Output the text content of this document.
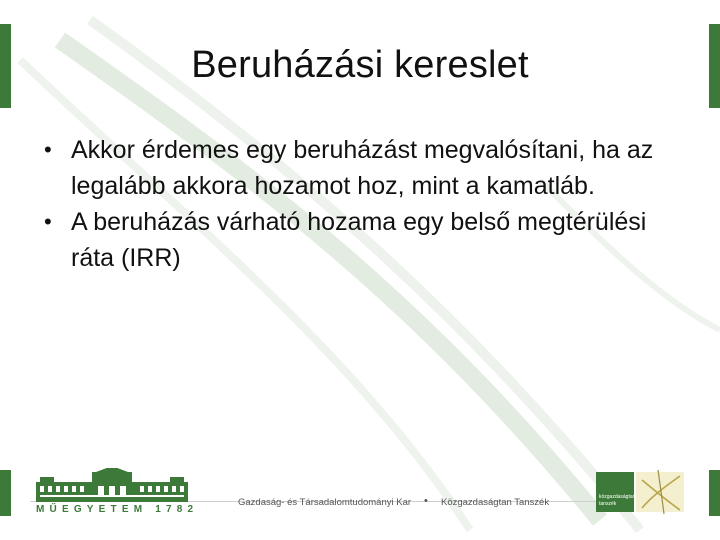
Beruházási kereslet
• Akkor érdemes egy beruházást megvalósítani, ha az legalább akkora hozamot hoz, mint a kamatláb.
• A beruházás várható hozama egy belső megtérülési ráta (IRR)
MŰEGYETEM 1782
Gazdaság- és Társadalomtudományi Kar • Közgazdaságtan Tanszék	közgazdaságtan tanszék
